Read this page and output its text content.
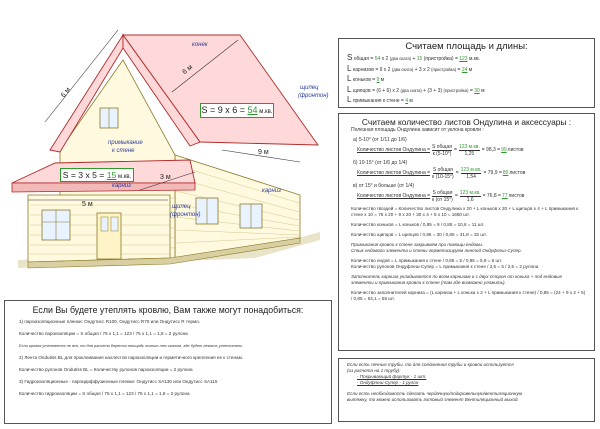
конек
6 м
6 м
щипец
(фронтон)
примыкание
к стене	9 м
3 м
карниз
карниз
5 м	щипец
(фронтон)
S = 9 x 6 = 54 м.кв.
S = 3 x 5 = 15 м.кв.
Считаем площадь и длины:
S общая = 54 х 2 (два ската) + 15 (пристройка) = 123 м.кв.
L карнизов = 9 х 2 (два ската) + 3 х 2 (пристройка) = 24 м
L коньков = 9 м
L щипцов = (6 + 6) х 2 (два ската) + (3 + 3) (пристройка) = 30 м
L примыкания к стене = 4 м
Считаем количество листов Ондулина и аксессуары :
Полезная площадь Ондулина зависит от уклона кровли :
а) 5-10° (от 1/11 до 1/6)
Количество листов Ондулина = S общая
к (5-10°)
= 123 м.кв.
1,25
= 98,3 = 99 листов
б) 10-15° (от 1/6 до 1/4)
Количество листов Ондулина = S общая
к (10-15°)
= 123 м.кв.
1,54
= 79,9 = 80 листов
в) от 15° и больше (от 1/4)
Количество листов Ондулина = S общая
к (от 15°)
= 123 м.кв.
1,6
= 76,8 = 77 листов
Количество гвоздей = Количество листов Ондулина х 20 + L коньков х 20 + L щипцов х 4 + L примыкания к стене х 10 = 76 х 20 + 9 х 20 + 30 х 4 + 5 х 10 = 1680 шт.
Количество коньков = L коньков / 0,85 = 9 / 0,85 = 10,6 = 11 шт.
Количество щипцов = L щипцов / 0,85 = 30 / 0,85 = 31,8 = 32 шт.
Примыкания кровли к стене закрываем при помощи ендовы.
Стык ендового элемента и стены герметизируем лентой Ондуфлеш-Супер.
Количество ендов = L примыкания к стене / 0,85 = 5 / 0,85 = 5,9 = 6 шт.
Количество рулонов Ондуфлеш-Супер = L примыкания к стене / 2,5 = 5 / 2,5 = 2 рулона
Заполнитель карниза укладывается по всем карнизам и с двух сторон от конька + под ендовые элементы и примыкания кровли к стене (там где возможно уложить).
Количество заполнителей карниза = (L карниза + L конька х 2 + L примыкания к стене) / 0,85 = (24 + 9 х 2 + 5) / 0,85 = 54,1 = 55 шт.
Если есть печные трубы, то для соединения трубы и кровли используется
(из расчета на 1 трубу):
- Покрывающий фартук - 1 шт.
- Ондуфлеш-Супер - 1 рулон
Если есть необходимость сделать чердачную/подкровельную/вентиляционную
вытяжку, то можно использовать готовый элемент Вентиляционный выход.
Если Вы будете утеплять кровлю, Вам также могут понадобиться:
1) пароизоляционные пленки: Ондутисс R100, Ондутисс R70 или Ондутисс R термо.
Количество пароизоляции = S общая / 75 x 1,1 = 123 / 75 x 1,1 = 1,8 = 2 рулона
Если кровля утепляется не вся, то для расчета берется площадь только тех скатов, где будет лежать утеплитель.
2) Лента Ondutiss BL для проклеивания нахлестов пароизоляции и герметичного крепления ее к стенам.
Количество рулонов Ondutiss BL = Количеству рулонов пароизоляции = 2 рулона
3) Гидроизоляционные - пароидиффузионные пленки: Ондутисс SA130 или Ондутисс SA115
Количество гидроизоляции = S общая / 75 x 1,1 = 123 / 75 x 1,1 = 1,8 = 2 рулона
